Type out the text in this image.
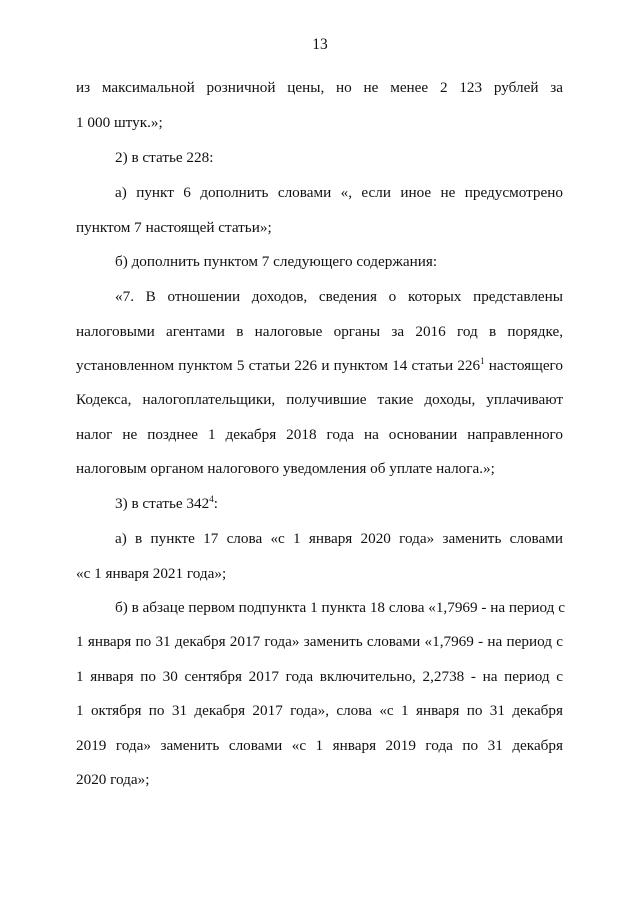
13
из максимальной розничной цены, но не менее 2 123 рублей за
1 000 штук.»;
2) в статье 228:
а) пункт 6 дополнить словами «, если иное не предусмотрено
пунктом 7 настоящей статьи»;
б) дополнить пунктом 7 следующего содержания:
«7. В отношении доходов, сведения о которых представлены
налоговыми агентами в налоговые органы за 2016 год в порядке,
установленном пунктом 5 статьи 226 и пунктом 14 статьи $226^1$ настоящего
Кодекса, налогоплательщики, получившие такие доходы, уплачивают
налог не позднее 1 декабря 2018 года на основании направленного
налоговым органом налогового уведомления об уплате налога.»;
3) в статье $342^4$:
а) в пункте 17 слова «с 1 января 2020 года» заменить словами
«с 1 января 2021 года»;
б) в абзаце первом подпункта 1 пункта 18 слова «1,7969 - на период с
1 января по 31 декабря 2017 года» заменить словами «1,7969 - на период с
1 января по 30 сентября 2017 года включительно, 2,2738 - на период с
1 октября по 31 декабря 2017 года», слова «с 1 января по 31 декабря
2019 года» заменить словами «с 1 января 2019 года по 31 декабря
2020 года»;
